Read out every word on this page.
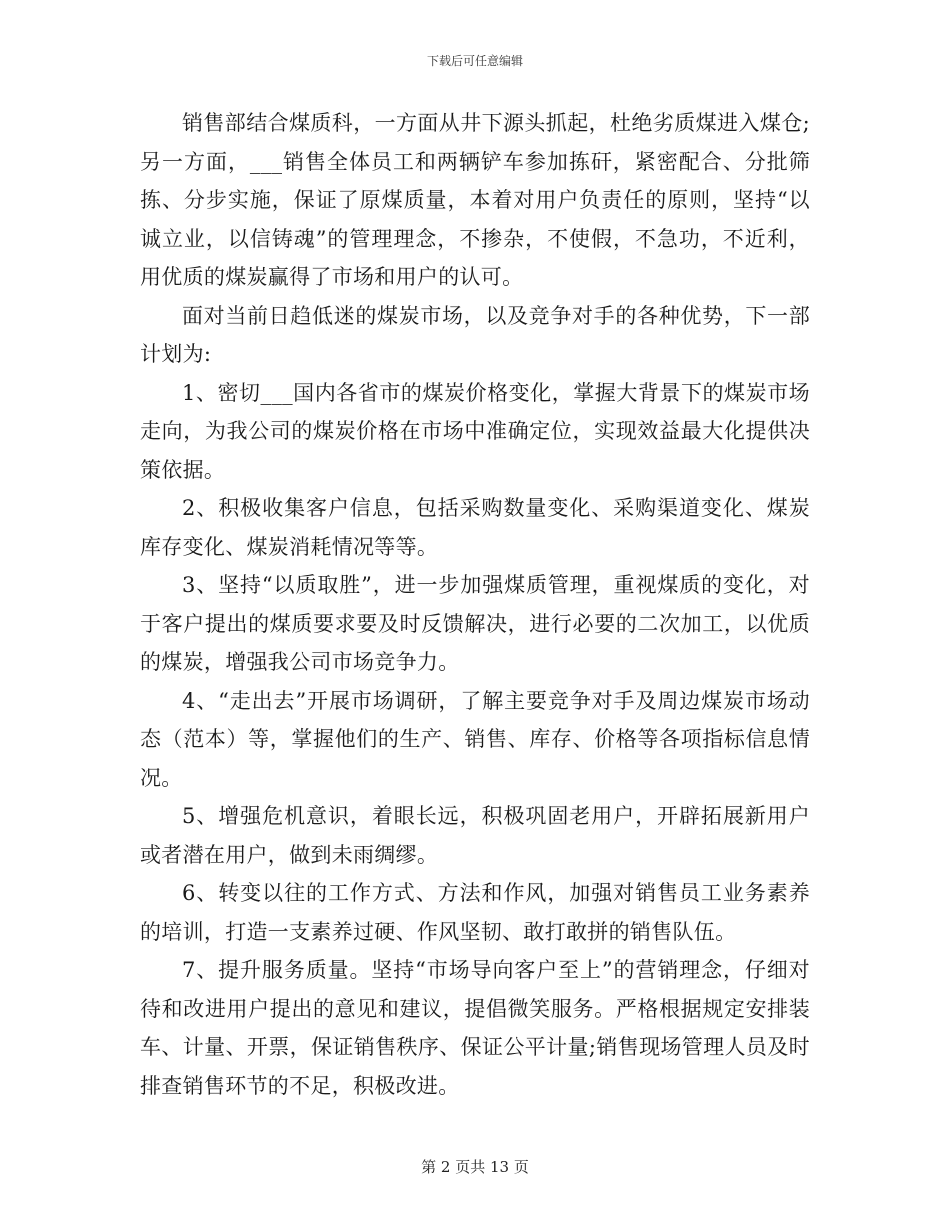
下载后可任意编辑

销售部结合煤质科，一方面从井下源头抓起，杜绝劣质煤进入煤仓;另一方面，___销售全体员工和两辆铲车参加拣矸，紧密配合、分批筛拣、分步实施，保证了原煤质量，本着对用户负责任的原则，坚持“以诚立业，以信铸魂”的管理理念，不掺杂，不使假，不急功，不近利，用优质的煤炭赢得了市场和用户的认可。

面对当前日趋低迷的煤炭市场，以及竞争对手的各种优势，下一部计划为:

1、密切___国内各省市的煤炭价格变化，掌握大背景下的煤炭市场走向，为我公司的煤炭价格在市场中准确定位，实现效益最大化提供决策依据。

2、积极收集客户信息，包括采购数量变化、采购渠道变化、煤炭库存变化、煤炭消耗情况等等。

3、坚持“以质取胜”，进一步加强煤质管理，重视煤质的变化，对于客户提出的煤质要求要及时反馈解决，进行必要的二次加工，以优质的煤炭，增强我公司市场竞争力。

4、“走出去”开展市场调研，了解主要竞争对手及周边煤炭市场动态（范本）等，掌握他们的生产、销售、库存、价格等各项指标信息情况。

5、增强危机意识，着眼长远，积极巩固老用户，开辟拓展新用户或者潜在用户，做到未雨绸缪。

6、转变以往的工作方式、方法和作风，加强对销售员工业务素养的培训，打造一支素养过硬、作风坚韧、敢打敢拼的销售队伍。

7、提升服务质量。坚持“市场导向客户至上”的营销理念，仔细对待和改进用户提出的意见和建议，提倡微笑服务。严格根据规定安排装车、计量、开票，保证销售秩序、保证公平计量;销售现场管理人员及时排查销售环节的不足，积极改进。

第 2 页共 13 页
